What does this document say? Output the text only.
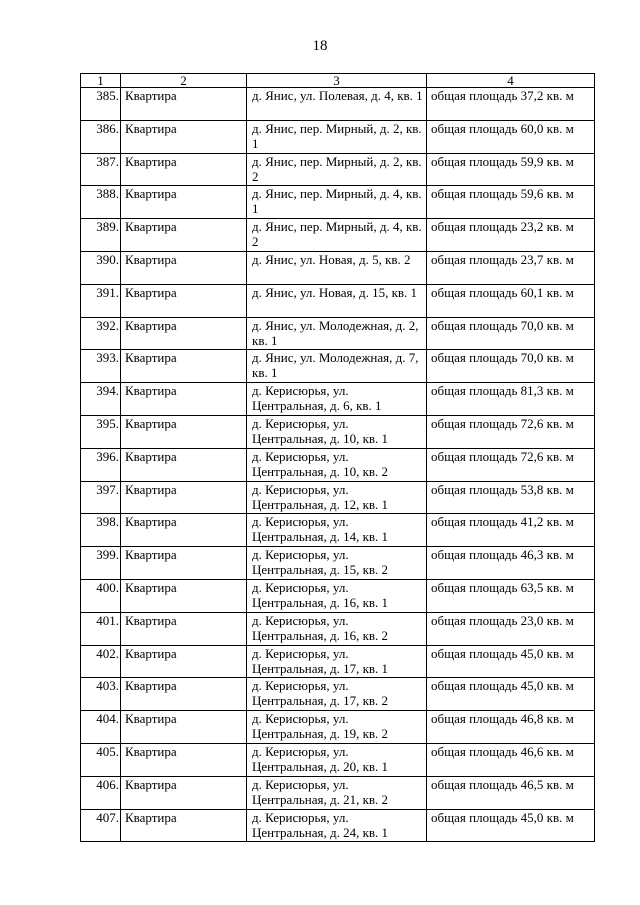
18
1	2	3	4
385.	Квартира	д. Янис, ул. Полевая, д. 4, кв. 1	общая площадь 37,2 кв. м
386.	Квартира	д. Янис, пер. Мирный, д. 2, кв. 1	общая площадь 60,0 кв. м
387.	Квартира	д. Янис, пер. Мирный, д. 2, кв. 2	общая площадь 59,9 кв. м
388.	Квартира	д. Янис, пер. Мирный, д. 4, кв. 1	общая площадь 59,6 кв. м
389.	Квартира	д. Янис, пер. Мирный, д. 4, кв. 2	общая площадь 23,2 кв. м
390.	Квартира	д. Янис, ул. Новая, д. 5, кв. 2	общая площадь 23,7 кв. м
391.	Квартира	д. Янис, ул. Новая, д. 15, кв. 1	общая площадь 60,1 кв. м
392.	Квартира	д. Янис, ул. Молодежная, д. 2, кв. 1	общая площадь 70,0 кв. м
393.	Квартира	д. Янис, ул. Молодежная, д. 7, кв. 1	общая площадь 70,0 кв. м
394.	Квартира	д. Керисюрья, ул. Центральная, д. 6, кв. 1	общая площадь 81,3 кв. м
395.	Квартира	д. Керисюрья, ул. Центральная, д. 10, кв. 1	общая площадь 72,6 кв. м
396.	Квартира	д. Керисюрья, ул. Центральная, д. 10, кв. 2	общая площадь 72,6 кв. м
397.	Квартира	д. Керисюрья, ул. Центральная, д. 12, кв. 1	общая площадь 53,8 кв. м
398.	Квартира	д. Керисюрья, ул. Центральная, д. 14, кв. 1	общая площадь 41,2 кв. м
399.	Квартира	д. Керисюрья, ул. Центральная, д. 15, кв. 2	общая площадь 46,3 кв. м
400.	Квартира	д. Керисюрья, ул. Центральная, д. 16, кв. 1	общая площадь 63,5 кв. м
401.	Квартира	д. Керисюрья, ул. Центральная, д. 16, кв. 2	общая площадь 23,0 кв. м
402.	Квартира	д. Керисюрья, ул. Центральная, д. 17, кв. 1	общая площадь 45,0 кв. м
403.	Квартира	д. Керисюрья, ул. Центральная, д. 17, кв. 2	общая площадь 45,0 кв. м
404.	Квартира	д. Керисюрья, ул. Центральная, д. 19, кв. 2	общая площадь 46,8 кв. м
405.	Квартира	д. Керисюрья, ул. Центральная, д. 20, кв. 1	общая площадь 46,6 кв. м
406.	Квартира	д. Керисюрья, ул. Центральная, д. 21, кв. 2	общая площадь 46,5 кв. м
407.	Квартира	д. Керисюрья, ул. Центральная, д. 24, кв. 1	общая площадь 45,0 кв. м
